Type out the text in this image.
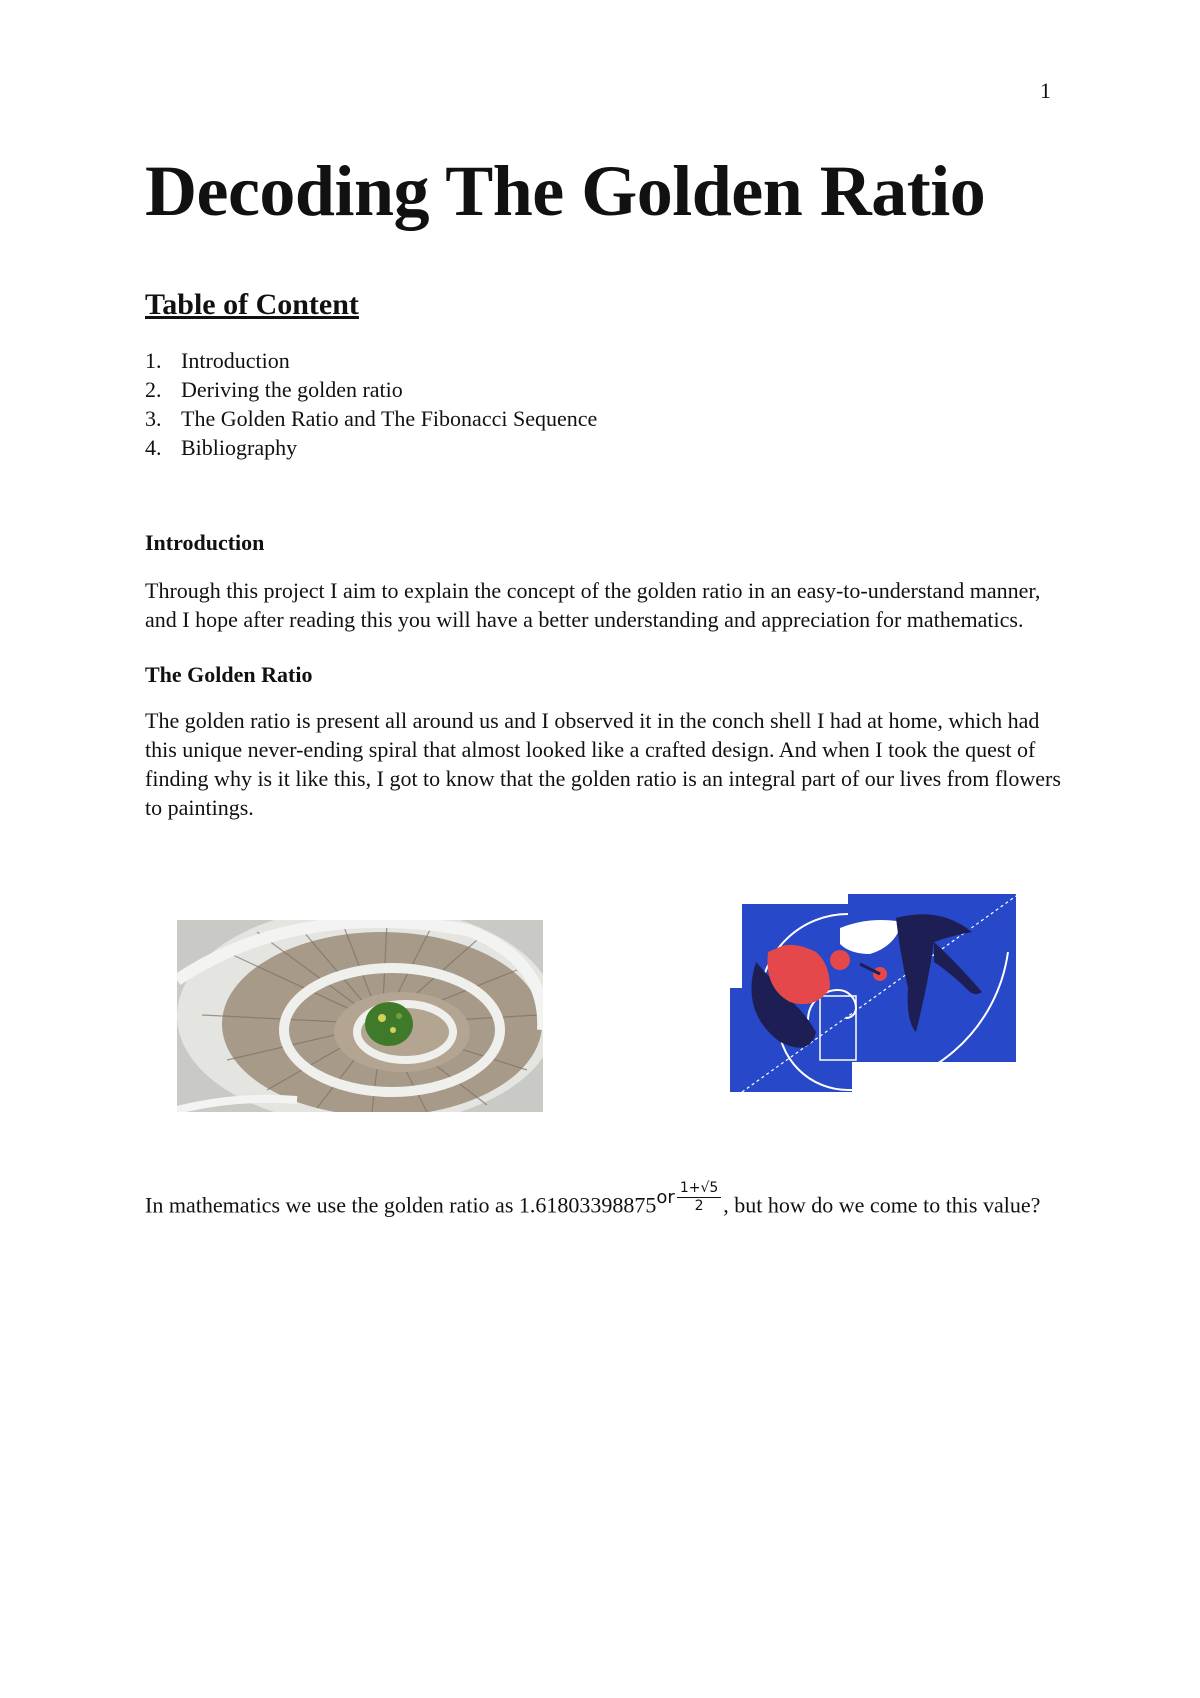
1
Decoding The Golden Ratio
Table of Content
1. Introduction
2. Deriving the golden ratio
3. The Golden Ratio and The Fibonacci Sequence
4. Bibliography
Introduction

Through this project I aim to explain the concept of the golden ratio in an easy-to-understand manner, and I hope after reading this you will have a better understanding and appreciation for mathematics.

The Golden Ratio

The golden ratio is present all around us and I observed it in the conch shell I had at home, which had this unique never-ending spiral that almost looked like a crafted design. And when I took the quest of finding why is it like this, I got to know that the golden ratio is an integral part of our lives from flowers to paintings.

In mathematics we use the golden ratio as $1.61803398875^{or} \frac{1+√5}{2}$ , but how do we come to this value?
